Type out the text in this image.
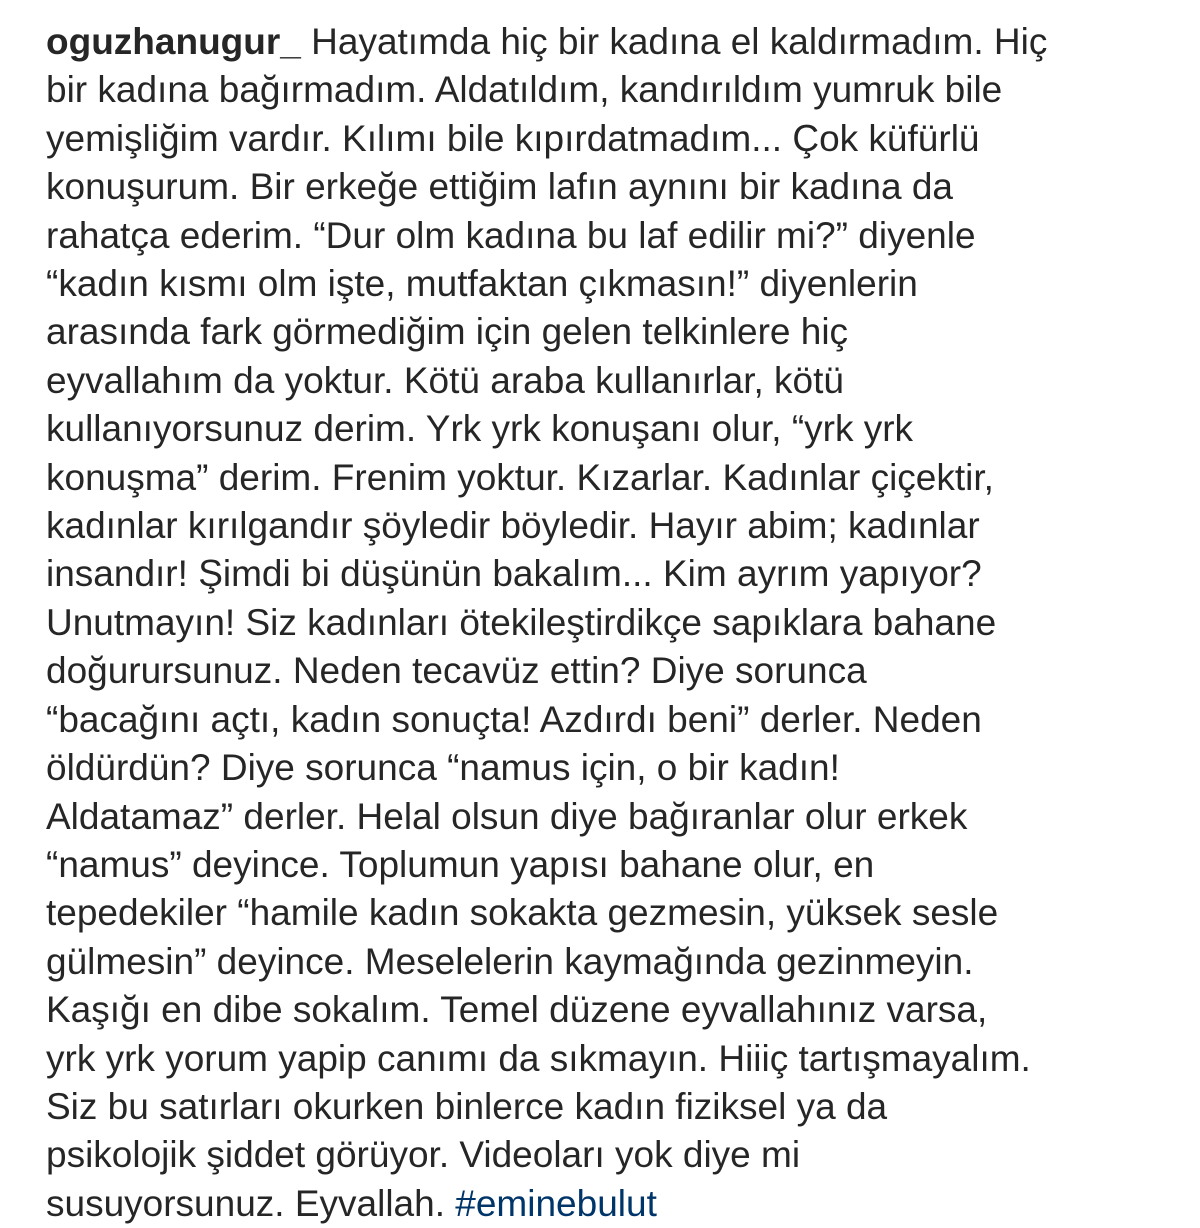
oguzhanugur_ Hayatımda hiç bir kadına el kaldırmadım. Hiç
bir kadına bağırmadım. Aldatıldım, kandırıldım yumruk bile
yemişliğim vardır. Kılımı bile kıpırdatmadım... Çok küfürlü
konuşurum. Bir erkeğe ettiğim lafın aynını bir kadına da
rahatça ederim. “Dur olm kadına bu laf edilir mi?” diyenle
“kadın kısmı olm işte, mutfaktan çıkmasın!” diyenlerin
arasında fark görmediğim için gelen telkinlere hiç
eyvallahım da yoktur. Kötü araba kullanırlar, kötü
kullanıyorsunuz derim. Yrk yrk konuşanı olur, “yrk yrk
konuşma” derim. Frenim yoktur. Kızarlar. Kadınlar çiçektir,
kadınlar kırılgandır şöyledir böyledir. Hayır abim; kadınlar
insandır! Şimdi bi düşünün bakalım... Kim ayrım yapıyor?
Unutmayın! Siz kadınları ötekileştirdikçe sapıklara bahane
doğurursunuz. Neden tecavüz ettin? Diye sorunca
“bacağını açtı, kadın sonuçta! Azdırdı beni” derler. Neden
öldürdün? Diye sorunca “namus için, o bir kadın!
Aldatamaz” derler. Helal olsun diye bağıranlar olur erkek
“namus” deyince. Toplumun yapısı bahane olur, en
tepedekiler “hamile kadın sokakta gezmesin, yüksek sesle
gülmesin” deyince. Meselelerin kaymağında gezinmeyin.
Kaşığı en dibe sokalım. Temel düzene eyvallahınız varsa,
yrk yrk yorum yapip canımı da sıkmayın. Hiiiç tartışmayalım.
Siz bu satırları okurken binlerce kadın fiziksel ya da
psikolojik şiddet görüyor. Videoları yok diye mi
susuyorsunuz. Eyvallah. #eminebulut
